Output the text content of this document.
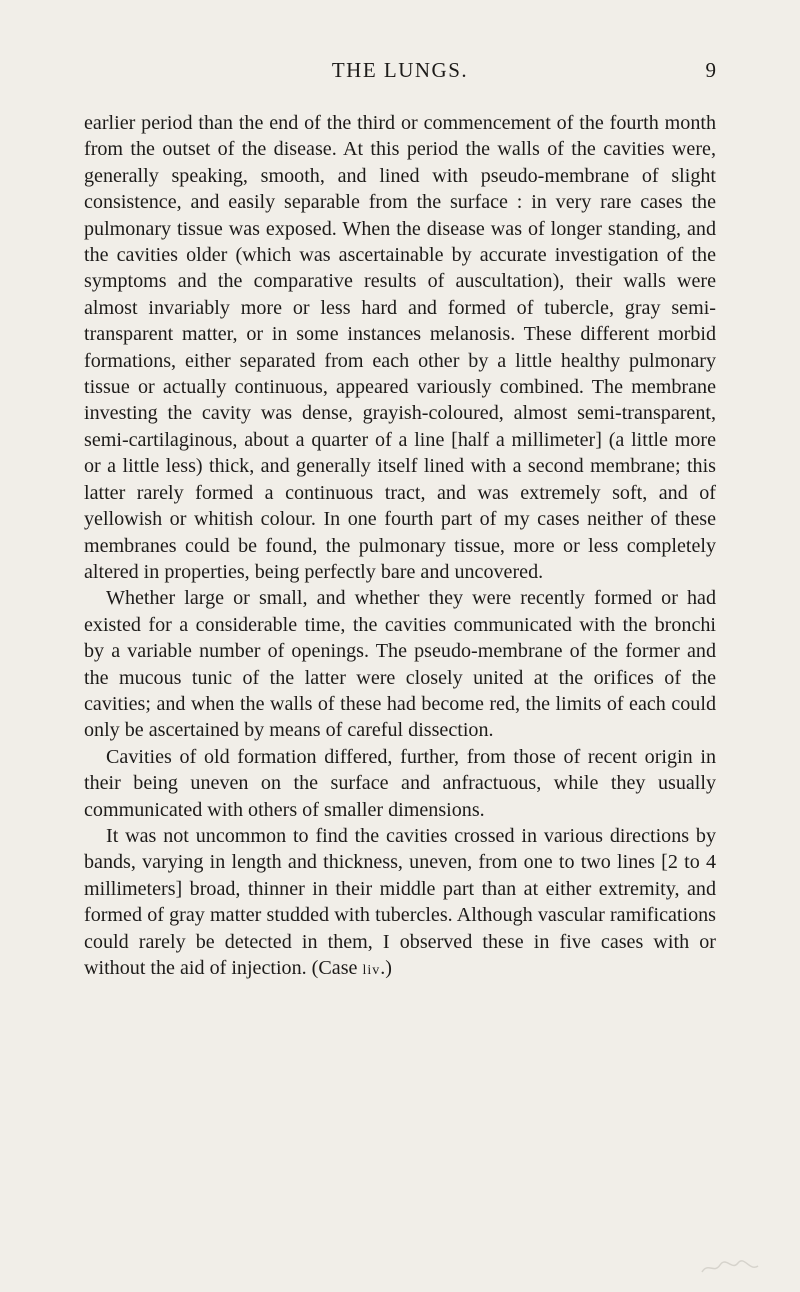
THE LUNGS.	9

earlier period than the end of the third or commencement of the fourth month from the outset of the disease. At this period the walls of the cavities were, generally speaking, smooth, and lined with pseudo-membrane of slight consistence, and easily separable from the surface : in very rare cases the pulmonary tissue was exposed. When the disease was of longer standing, and the cavities older (which was ascertainable by accurate investigation of the symptoms and the comparative results of auscultation), their walls were almost invariably more or less hard and formed of tubercle, gray semi-transparent matter, or in some instances melanosis. These different morbid formations, either separated from each other by a little healthy pulmonary tissue or actually continuous, appeared variously combined. The membrane investing the cavity was dense, grayish-coloured, almost semi-transparent, semi-cartilaginous, about a quarter of a line [half a millimeter] (a little more or a little less) thick, and generally itself lined with a second membrane; this latter rarely formed a continuous tract, and was extremely soft, and of yellowish or whitish colour. In one fourth part of my cases neither of these membranes could be found, the pulmonary tissue, more or less completely altered in properties, being perfectly bare and uncovered.

Whether large or small, and whether they were recently formed or had existed for a considerable time, the cavities communicated with the bronchi by a variable number of openings. The pseudo-membrane of the former and the mucous tunic of the latter were closely united at the orifices of the cavities; and when the walls of these had become red, the limits of each could only be ascertained by means of careful dissection.

Cavities of old formation differed, further, from those of recent origin in their being uneven on the surface and anfractuous, while they usually communicated with others of smaller dimensions.

It was not uncommon to find the cavities crossed in various directions by bands, varying in length and thickness, uneven, from one to two lines [2 to 4 millimeters] broad, thinner in their middle part than at either extremity, and formed of gray matter studded with tubercles. Although vascular ramifications could rarely be detected in them, I observed these in five cases with or without the aid of injection. (Case liv.)
